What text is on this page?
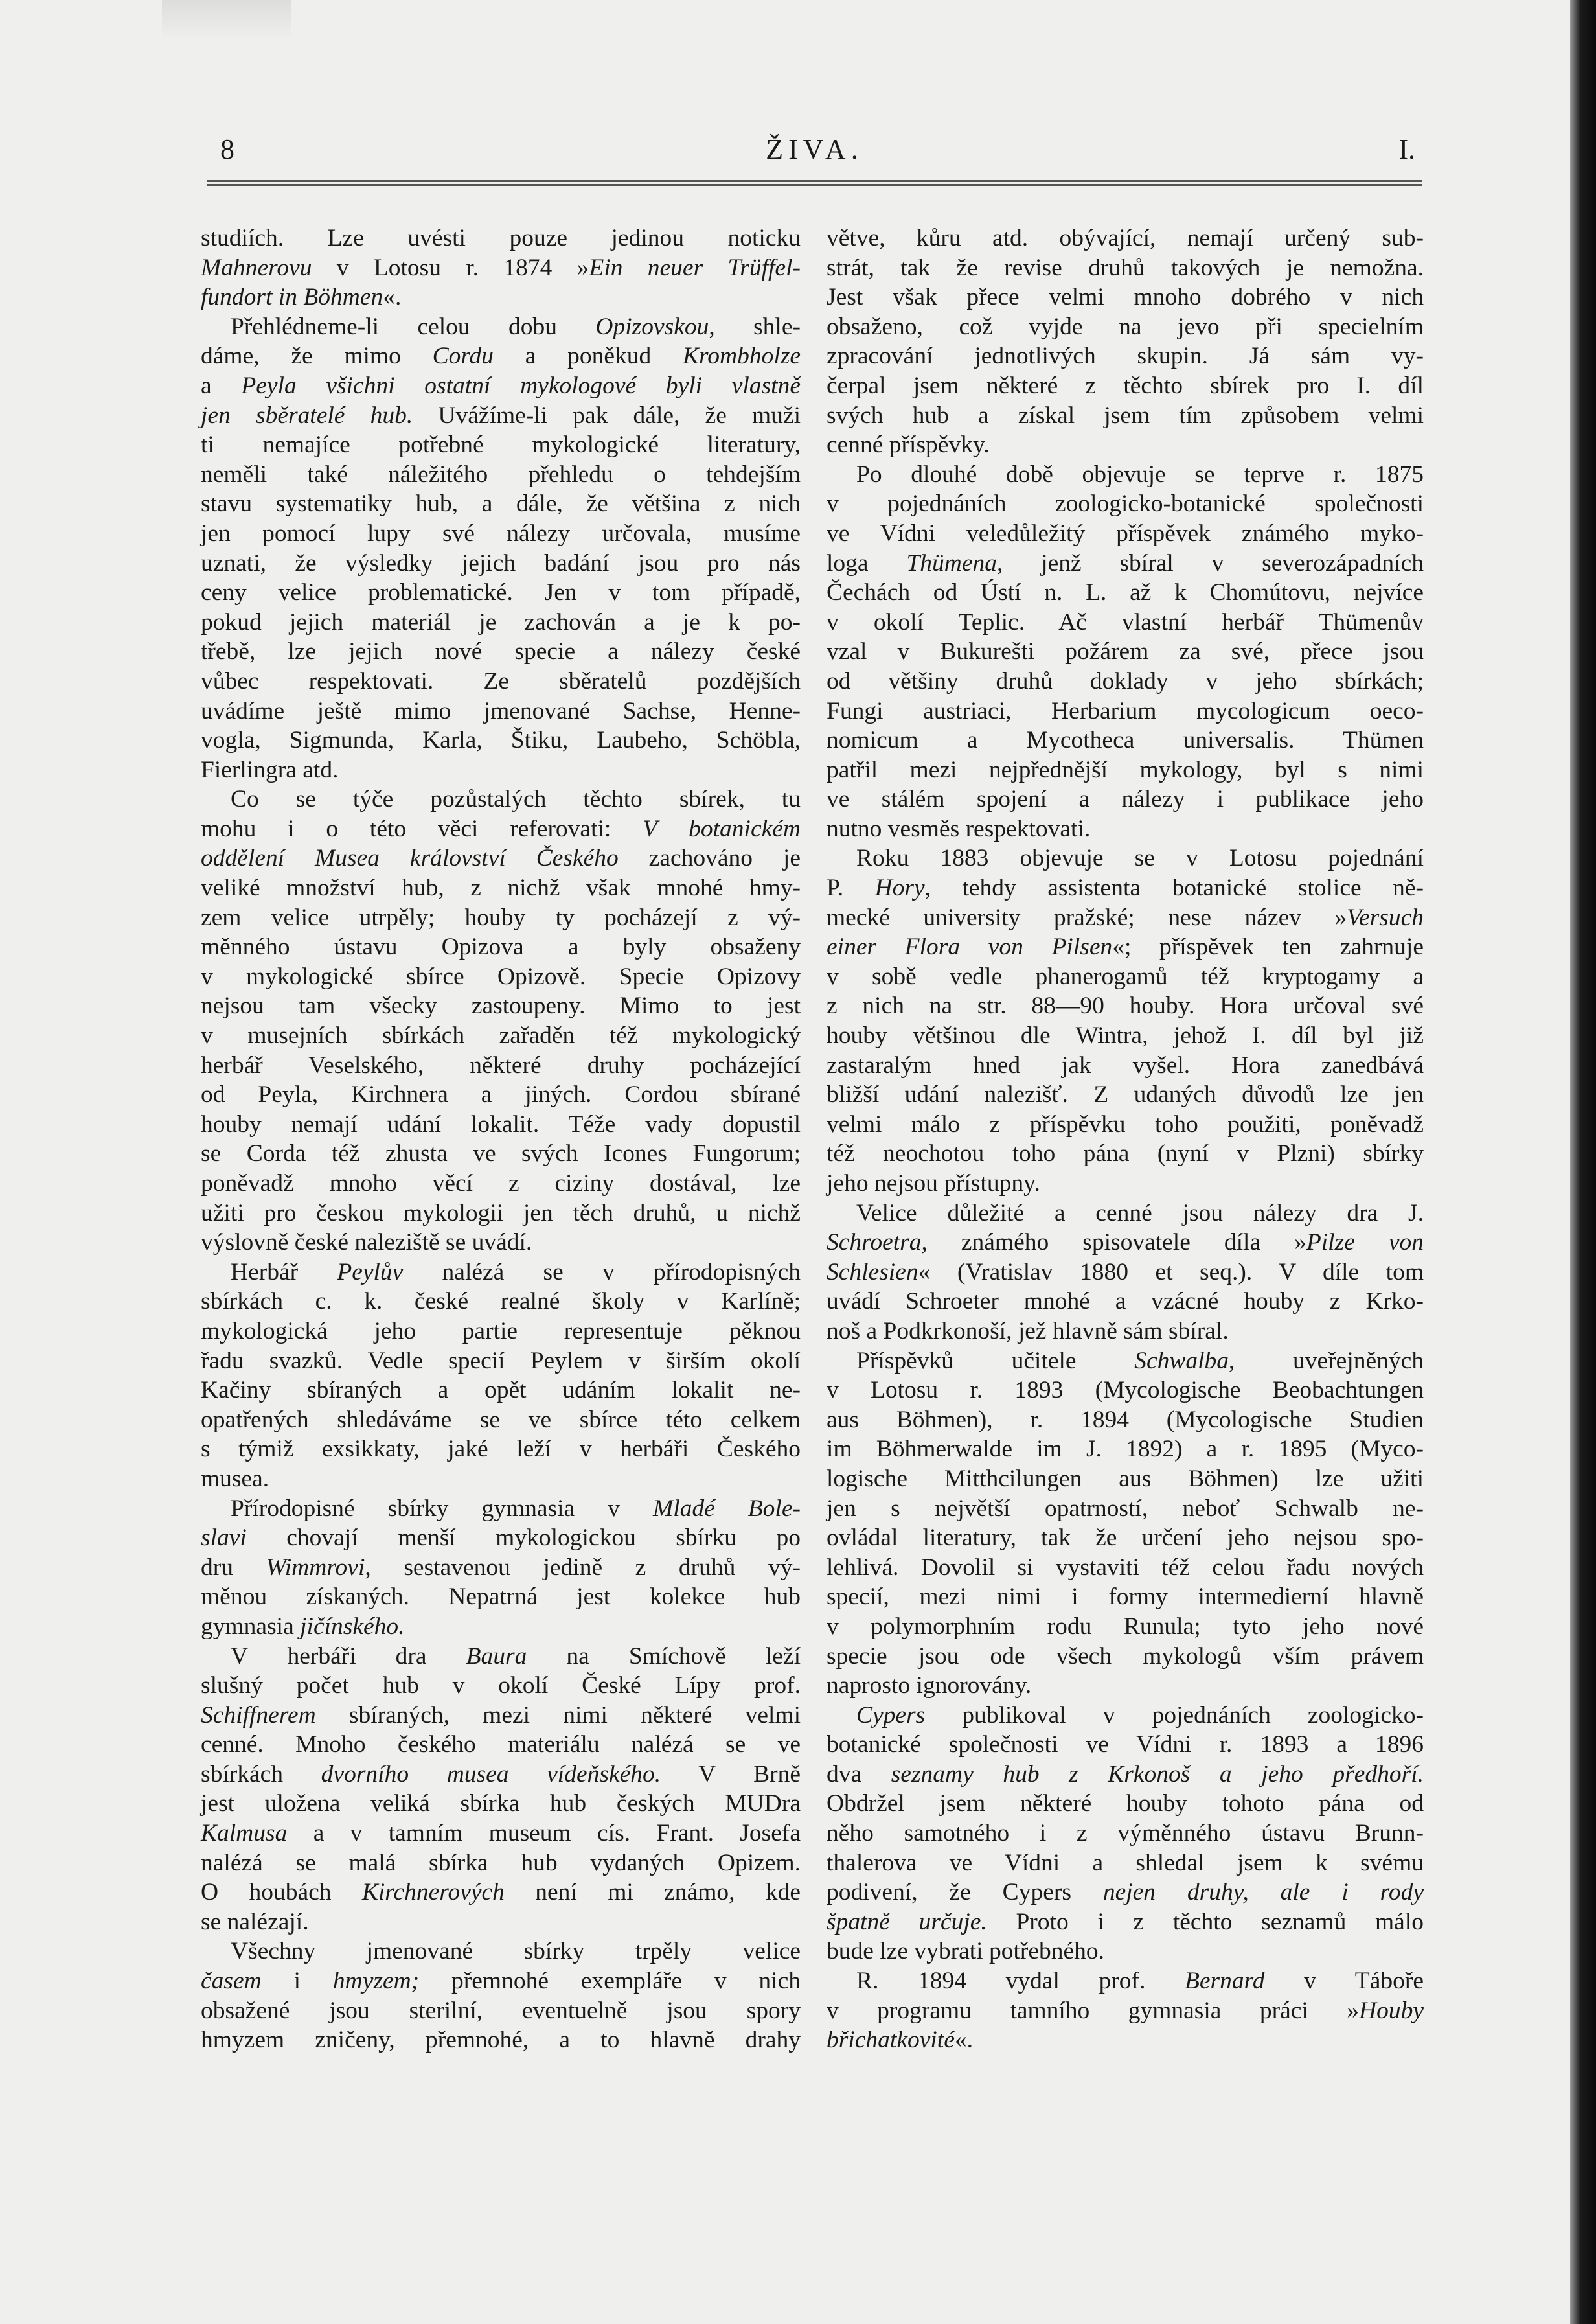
8	ŽIVA.	I.
studiích. Lze uvésti pouze jedinou noticku
Mahnerovu v Lotosu r. 1874 »Ein neuer Trüffel-
fundort in Böhmen«.
Přehlédneme-li celou dobu Opizovskou, shle-
dáme, že mimo Cordu a poněkud Krombholze
a Peyla všichni ostatní mykologové byli vlastně
jen sběratelé hub. Uvážíme-li pak dále, že muži
ti nemajíce potřebné mykologické literatury,
neměli také náležitého přehledu o tehdejším
stavu systematiky hub, a dále, že většina z nich
jen pomocí lupy své nálezy určovala, musíme
uznati, že výsledky jejich badání jsou pro nás
ceny velice problematické. Jen v tom případě,
pokud jejich materiál je zachován a je k po-
třebě, lze jejich nové specie a nálezy české
vůbec respektovati. Ze sběratelů pozdějších
uvádíme ještě mimo jmenované Sachse, Henne-
vogla, Sigmunda, Karla, Štiku, Laubeho, Schöbla,
Fierlingra atd.
Co se týče pozůstalých těchto sbírek, tu
mohu i o této věci referovati: V botanickém
oddělení Musea království Českého zachováno je
veliké množství hub, z nichž však mnohé hmy-
zem velice utrpěly; houby ty pocházejí z vý-
měnného ústavu Opizova a byly obsaženy
v mykologické sbírce Opizově. Specie Opizovy
nejsou tam všecky zastoupeny. Mimo to jest
v musejních sbírkách zařaděn též mykologický
herbář Veselského, některé druhy pocházející
od Peyla, Kirchnera a jiných. Cordou sbírané
houby nemají udání lokalit. Téže vady dopustil
se Corda též zhusta ve svých Icones Fungorum;
poněvadž mnoho věcí z ciziny dostával, lze
užiti pro českou mykologii jen těch druhů, u nichž
výslovně české naleziště se uvádí.
Herbář Peylův nalézá se v přírodopisných
sbírkách c. k. české realné školy v Karlíně;
mykologická jeho partie representuje pěknou
řadu svazků. Vedle specií Peylem v širším okolí
Kačiny sbíraných a opět udáním lokalit ne-
opatřených shledáváme se ve sbírce této celkem
s týmiž exsikkaty, jaké leží v herbáři Českého
musea.
Přírodopisné sbírky gymnasia v Mladé Bole-
slavi chovají menší mykologickou sbírku po
dru Wimmrovi, sestavenou jedině z druhů vý-
měnou získaných. Nepatrná jest kolekce hub
gymnasia jičínského.
V herbáři dra Baura na Smíchově leží
slušný počet hub v okolí České Lípy prof.
Schiffnerem sbíraných, mezi nimi některé velmi
cenné. Mnoho českého materiálu nalézá se ve
sbírkách dvorního musea vídeňského. V Brně
jest uložena veliká sbírka hub českých MUDra
Kalmusa a v tamním museum cís. Frant. Josefa
nalézá se malá sbírka hub vydaných Opizem.
O houbách Kirchnerových není mi známo, kde
se nalézají.
Všechny jmenované sbírky trpěly velice
časem i hmyzem; přemnohé exempláře v nich
obsažené jsou sterilní, eventuelně jsou spory
hmyzem zničeny, přemnohé, a to hlavně drahy
větve, kůru atd. obývající, nemají určený sub-
strát, tak že revise druhů takových je nemožna.
Jest však přece velmi mnoho dobrého v nich
obsaženo, což vyjde na jevo při specielním
zpracování jednotlivých skupin. Já sám vy-
čerpal jsem některé z těchto sbírek pro I. díl
svých hub a získal jsem tím způsobem velmi
cenné příspěvky.
Po dlouhé době objevuje se teprve r. 1875
v pojednáních zoologicko-botanické společnosti
ve Vídni veledůležitý příspěvek známého myko-
loga Thümena, jenž sbíral v severozápadních
Čechách od Ústí n. L. až k Chomútovu, nejvíce
v okolí Teplic. Ač vlastní herbář Thümenův
vzal v Bukurešti požárem za své, přece jsou
od většiny druhů doklady v jeho sbírkách;
Fungi austriaci, Herbarium mycologicum oeco-
nomicum a Mycotheca universalis. Thümen
patřil mezi nejpřednější mykology, byl s nimi
ve stálém spojení a nálezy i publikace jeho
nutno vesměs respektovati.
Roku 1883 objevuje se v Lotosu pojednání
P. Hory, tehdy assistenta botanické stolice ně-
mecké university pražské; nese název »Versuch
einer Flora von Pilsen«; příspěvek ten zahrnuje
v sobě vedle phanerogamů též kryptogamy a
z nich na str. 88—90 houby. Hora určoval své
houby většinou dle Wintra, jehož I. díl byl již
zastaralým hned jak vyšel. Hora zanedbává
bližší udání nalezišť. Z udaných důvodů lze jen
velmi málo z příspěvku toho použiti, poněvadž
též neochotou toho pána (nyní v Plzni) sbírky
jeho nejsou přístupny.
Velice důležité a cenné jsou nálezy dra J.
Schroetra, známého spisovatele díla »Pilze von
Schlesien« (Vratislav 1880 et seq.). V díle tom
uvádí Schroeter mnohé a vzácné houby z Krko-
noš a Podkrkonoší, jež hlavně sám sbíral.
Příspěvků učitele Schwalba, uveřejněných
v Lotosu r. 1893 (Mycologische Beobachtungen
aus Böhmen), r. 1894 (Mycologische Studien
im Böhmerwalde im J. 1892) a r. 1895 (Myco-
logische Mitthcilungen aus Böhmen) lze užiti
jen s největší opatrností, neboť Schwalb ne-
ovládal literatury, tak že určení jeho nejsou spo-
lehlivá. Dovolil si vystaviti též celou řadu nových
specií, mezi nimi i formy intermedierní hlavně
v polymorphním rodu Runula; tyto jeho nové
specie jsou ode všech mykologů vším právem
naprosto ignorovány.
Cypers publikoval v pojednáních zoologicko-
botanické společnosti ve Vídni r. 1893 a 1896
dva seznamy hub z Krkonoš a jeho předhoří.
Obdržel jsem některé houby tohoto pána od
něho samotného i z výměnného ústavu Brunn-
thalerova ve Vídni a shledal jsem k svému
podivení, že Cypers nejen druhy, ale i rody
špatně určuje. Proto i z těchto seznamů málo
bude lze vybrati potřebného.
R. 1894 vydal prof. Bernard v Táboře
v programu tamního gymnasia práci »Houby
břichatkovité«.
